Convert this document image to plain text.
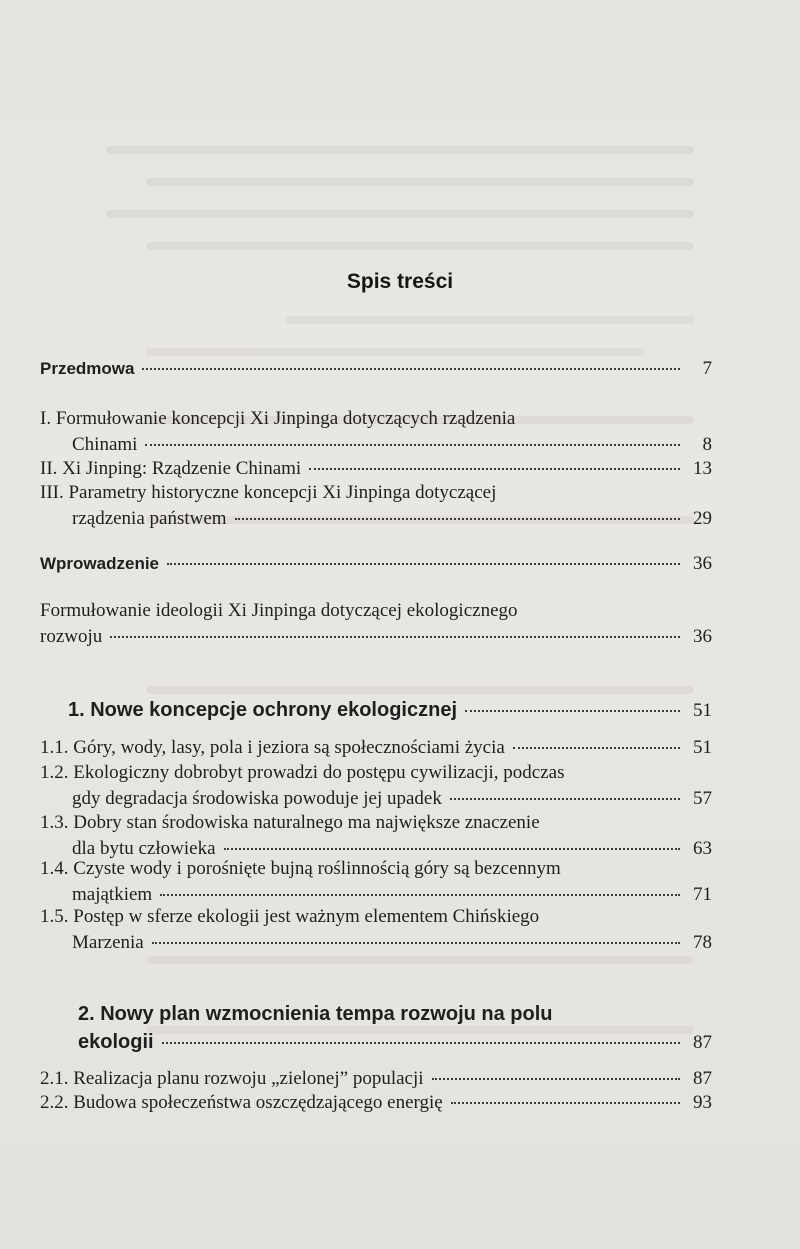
Spis treści
Przedmowa	7
I. Formułowanie koncepcji Xi Jinpinga dotyczących rządzenia
Chinami	8
II. Xi Jinping: Rządzenie Chinami	13
III. Parametry historyczne koncepcji Xi Jinpinga dotyczącej
rządzenia państwem	29
Wprowadzenie	36
Formułowanie ideologii Xi Jinpinga dotyczącej ekologicznego
rozwoju	36
1. Nowe koncepcje ochrony ekologicznej	51
1.1. Góry, wody, lasy, pola i jeziora są społecznościami życia	51
1.2. Ekologiczny dobrobyt prowadzi do postępu cywilizacji, podczas
gdy degradacja środowiska powoduje jej upadek	57
1.3. Dobry stan środowiska naturalnego ma największe znaczenie
dla bytu człowieka	63
1.4. Czyste wody i porośnięte bujną roślinnością góry są bezcennym
majątkiem	71
1.5. Postęp w sferze ekologii jest ważnym elementem Chińskiego
Marzenia	78
2. Nowy plan wzmocnienia tempa rozwoju na polu
ekologii	87
2.1. Realizacja planu rozwoju „zielonej” populacji	87
2.2. Budowa społeczeństwa oszczędzającego energię	93
